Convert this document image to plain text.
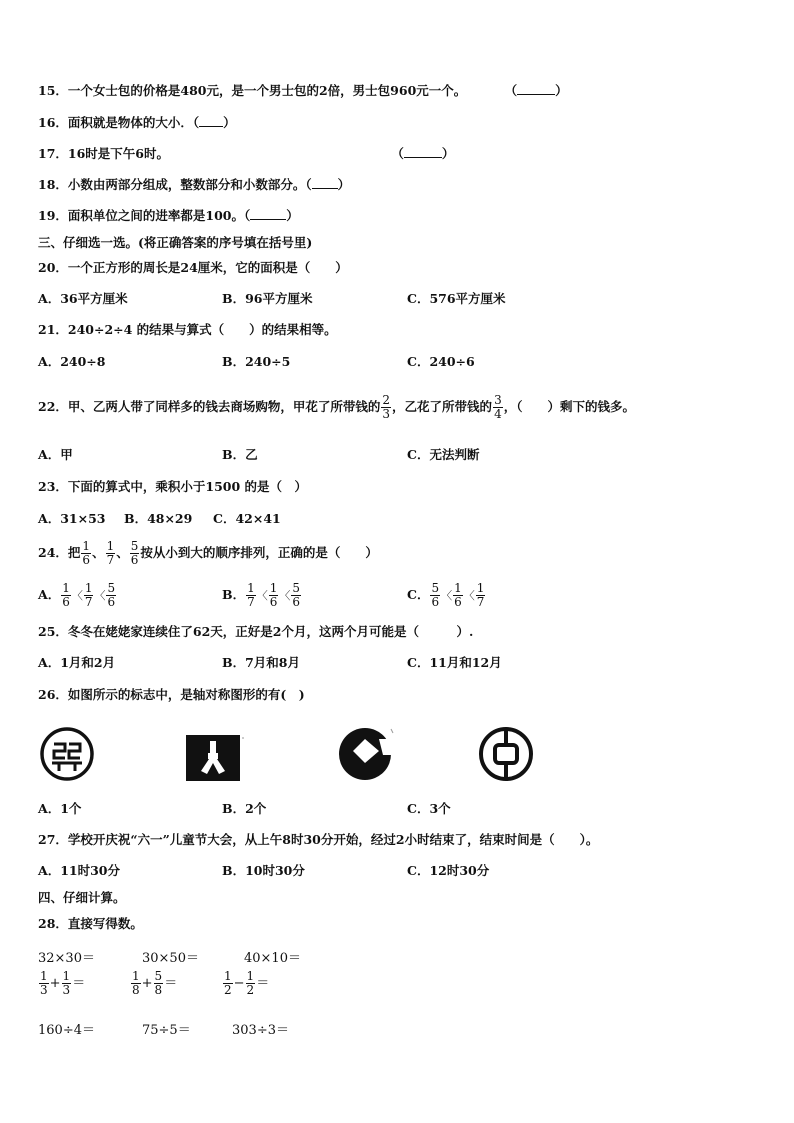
15．一个女士包的价格是480元，是一个男士包的2倍，男士包960元一个。	（	）
16．面积就是物体的大小．（ ）
17．16时是下午6时。	（	）
18．小数由两部分组成，整数部分和小数部分。（ ）
19．面积单位之间的进率都是100。（	）
三、仔细选一选。(将正确答案的序号填在括号里)
20．一个正方形的周长是24厘米，它的面积是（　　）
A．36平方厘米	B．96平方厘米	C．576平方厘米
21．240÷2÷4 的结果与算式（　　）的结果相等。
A．240÷8	B．240÷5	C．240÷6
22．甲、乙两人带了同样多的钱去商场购物，甲花了所带钱的 $\frac{2}{3}$ ，乙花了所带钱的 $\frac{3}{4}$ ，（　　）剩下的钱多。
A．甲	B．乙	C．无法判断
23．下面的算式中，乘积小于1500 的是（　）
A．31×53 B．48×29 C．42×41
24．把 $\frac{1}{6}$ 、 $\frac{1}{7}$ 、 $\frac{5}{6}$ 按从小到大的顺序排列，正确的是（　　）
A． $\frac{1}{6}$ 〈 $\frac{1}{7}$ 〈 $\frac{5}{6}$	B． $\frac{1}{7}$ 〈 $\frac{1}{6}$ 〈 $\frac{5}{6}$	C． $\frac{5}{6}$ 〈 $\frac{1}{6}$ 〈 $\frac{1}{7}$
25．冬冬在姥姥家连续住了62天，正好是2个月，这两个月可能是（　　　）.
A．1月和2月	B．7月和8月	C．11月和12月
26．如图所示的标志中，是轴对称图形的有(　)
A．1个	B．2个	C．3个
27．学校开庆祝“六一”儿童节大会，从上午8时30分开始，经过2小时结束了，结束时间是（　　）。
A．11时30分	B．10时30分	C．12时30分
四、仔细计算。
28．直接写得数。
32×30＝	30×50＝	40×10＝
$\frac{1}{3} + \frac{1}{3}$ ＝	$\frac{1}{8} + \frac{5}{8}$ ＝	$\frac{1}{2} - \frac{1}{2}$ ＝
160÷4＝	75÷5＝	303÷3＝
